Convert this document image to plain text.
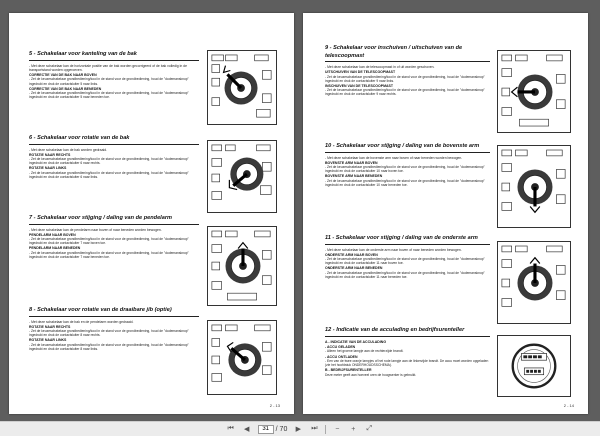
5 - Schakelaar voor kanteling van de bak
- Met deze schakelaar kan de horizontale positie van de bak worden gecorrigeerd of de bak volledig in de transportstand worden opgeroeven.
CORRECTIE VAN DE BAK NAAR BOVEN
- Zet de keuzeschakelaar grondbediening/kooi in de stand voor de grondbediening, houd de "dodemansknop" ingedrukt en druk de contactsluiter 5 naar links.
CORRECTIE VAN DE BAK NAAR BENEDEN
- Zet de keuzeschakelaar grondbediening/kooi in de stand voor de grondbediening, houd de "dodemansknop" ingedrukt en druk de contactsluiter 5 naar beneden toe.
6 - Schakelaar voor rotatie van de bak
- Met deze schakelaar kan de bak worden gedraaid.
ROTATIE NAAR RECHTS
- Zet de keuzeschakelaar grondbediening/kooi in de stand voor de grondbediening, houd de "dodemansknop" ingedrukt en druk de contactsluiter 6 naar rechts.
ROTATIE NAAR LINKS
- Zet de keuzeschakelaar grondbediening/kooi in de stand voor de grondbediening, houd de "dodemansknop" ingedrukt en druk de contactsluiter 6 naar links.
7 - Schakelaar voor stijging / daling van de pendelarm
- Met deze schakelaar kan de pendelarm naar boven of naar beneden worden bewogen.
PENDELARM NAAR BOVEN
- Zet de keuzeschakelaar grondbediening/kooi in de stand voor de grondbediening, houd de "dodemansknop" ingedrukt en druk de contactsluiter 7 naar boven toe.
PENDELARM NAAR BENEDEN
- Zet de keuzeschakelaar grondbediening/kooi in de stand voor de grondbediening, houd de "dodemansknop" ingedrukt en druk de contactsluiter 7 naar beneden toe.
8 - Schakelaar voor rotatie van de draaibare jib (optie)
- Met deze schakelaar kan de bak en de pendelarm worden gedraaid.
ROTATIE NAAR RECHTS
- Zet de keuzeschakelaar grondbediening/kooi in de stand voor de grondbediening, houd de "dodemansknop" ingedrukt en druk de contactsluiter 8 naar rechts.
ROTATIE NAAR LINKS
- Zet de keuzeschakelaar grondbediening/kooi in de stand voor de grondbediening, houd de "dodemansknop" ingedrukt en druk de contactsluiter 8 naar links.
2 - 13
9 - Schakelaar voor inschuiven / uitschuiven van de telescoopmast
- Met deze schakelaar kan de telescoopmast in of uit worden geschoven.
UITSCHUIVEN VAN DE TELESCOOPMAST
- Zet de keuzeschakelaar grondbediening/kooi in de stand voor de grondbediening, houd de "dodemansknop" ingedrukt en druk de contactsluiter 9 naar links.
INSCHUIVEN VAN DE TELESCOOPMAST
- Zet de keuzeschakelaar grondbediening/kooi in de stand voor de grondbediening, houd de "dodemansknop" ingedrukt en druk de contactsluiter 9 naar rechts.
10 - Schakelaar voor stijging / daling van de bovenste arm
- Met deze schakelaar kan de bovenste arm naar boven of naar beneden worden bewogen.
BOVENSTE ARM NAAR BOVEN
- Zet de keuzeschakelaar grondbediening/kooi in de stand voor de grondbediening, houd de "dodemansknop" ingedrukt en druk de contactsluiter 10 naar boven toe.
BOVENSTE ARM NAAR BENEDEN
- Zet de keuzeschakelaar grondbediening/kooi in de stand voor de grondbediening, houd de "dodemansknop" ingedrukt en druk de contactsluiter 10 naar beneden toe.
11 - Schakelaar voor stijging / daling van de onderste arm
- Met deze schakelaar kan de onderste arm naar boven of naar beneden worden bewogen.
ONDERSTE ARM NAAR BOVEN
- Zet de keuzeschakelaar grondbediening/kooi in de stand voor de grondbediening, houd de "dodemansknop" ingedrukt en druk de contactsluiter 11 naar boven toe.
ONDERSTE ARM NAAR BENEDEN
- Zet de keuzeschakelaar grondbediening/kooi in de stand voor de grondbediening, houd de "dodemansknop" ingedrukt en druk de contactsluiter 11 naar beneden toe.
12 - Indicatie van de acculading en bedrijfsurenteller
A - INDICATIE VAN DE ACCULADING
- ACCU GELADEN
- Alleen het groene lampje aan de rechterzijde brandt.
- ACCU ONTLADEN
- Een van de twee oranje lampjes of het rode lampje aan de linkerzijde brandt. De accu moet worden opgeladen (zie het hoofdstuk ONDERHOUDSSCHEMA).
B - BEDRIJFSURENTELLER
Deze meter geeft aan hoeveel uren de hoogwerker is gebruikt.
2 - 14
⏮	◀
31	/ 70	▶	⏭	−	+	⤢
